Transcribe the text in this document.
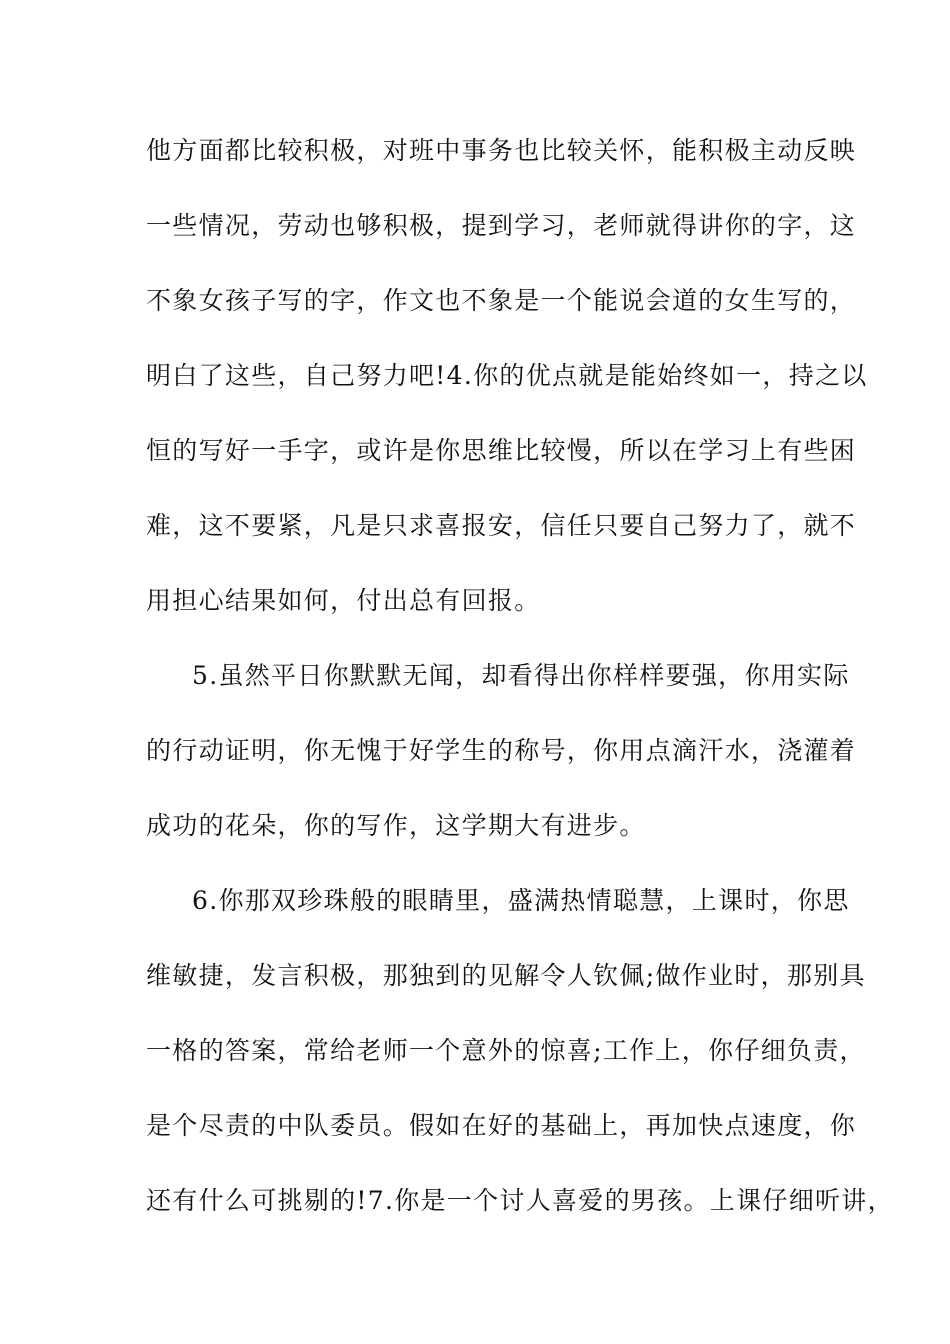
他方面都比较积极，对班中事务也比较关怀，能积极主动反映
一些情况，劳动也够积极，提到学习，老师就得讲你的字，这
不象女孩子写的字，作文也不象是一个能说会道的女生写的，
明白了这些，自己努力吧!4.你的优点就是能始终如一，持之以
恒的写好一手字，或许是你思维比较慢，所以在学习上有些困
难，这不要紧，凡是只求喜报安，信任只要自己努力了，就不
用担心结果如何，付出总有回报。
5.虽然平日你默默无闻，却看得出你样样要强，你用实际
的行动证明，你无愧于好学生的称号，你用点滴汗水，浇灌着
成功的花朵，你的写作，这学期大有进步。
6.你那双珍珠般的眼睛里，盛满热情聪慧，上课时，你思
维敏捷，发言积极，那独到的见解令人钦佩;做作业时，那别具
一格的答案，常给老师一个意外的惊喜;工作上，你仔细负责，
是个尽责的中队委员。假如在好的基础上，再加快点速度，你
还有什么可挑剔的!7.你是一个讨人喜爱的男孩。上课仔细听讲，
